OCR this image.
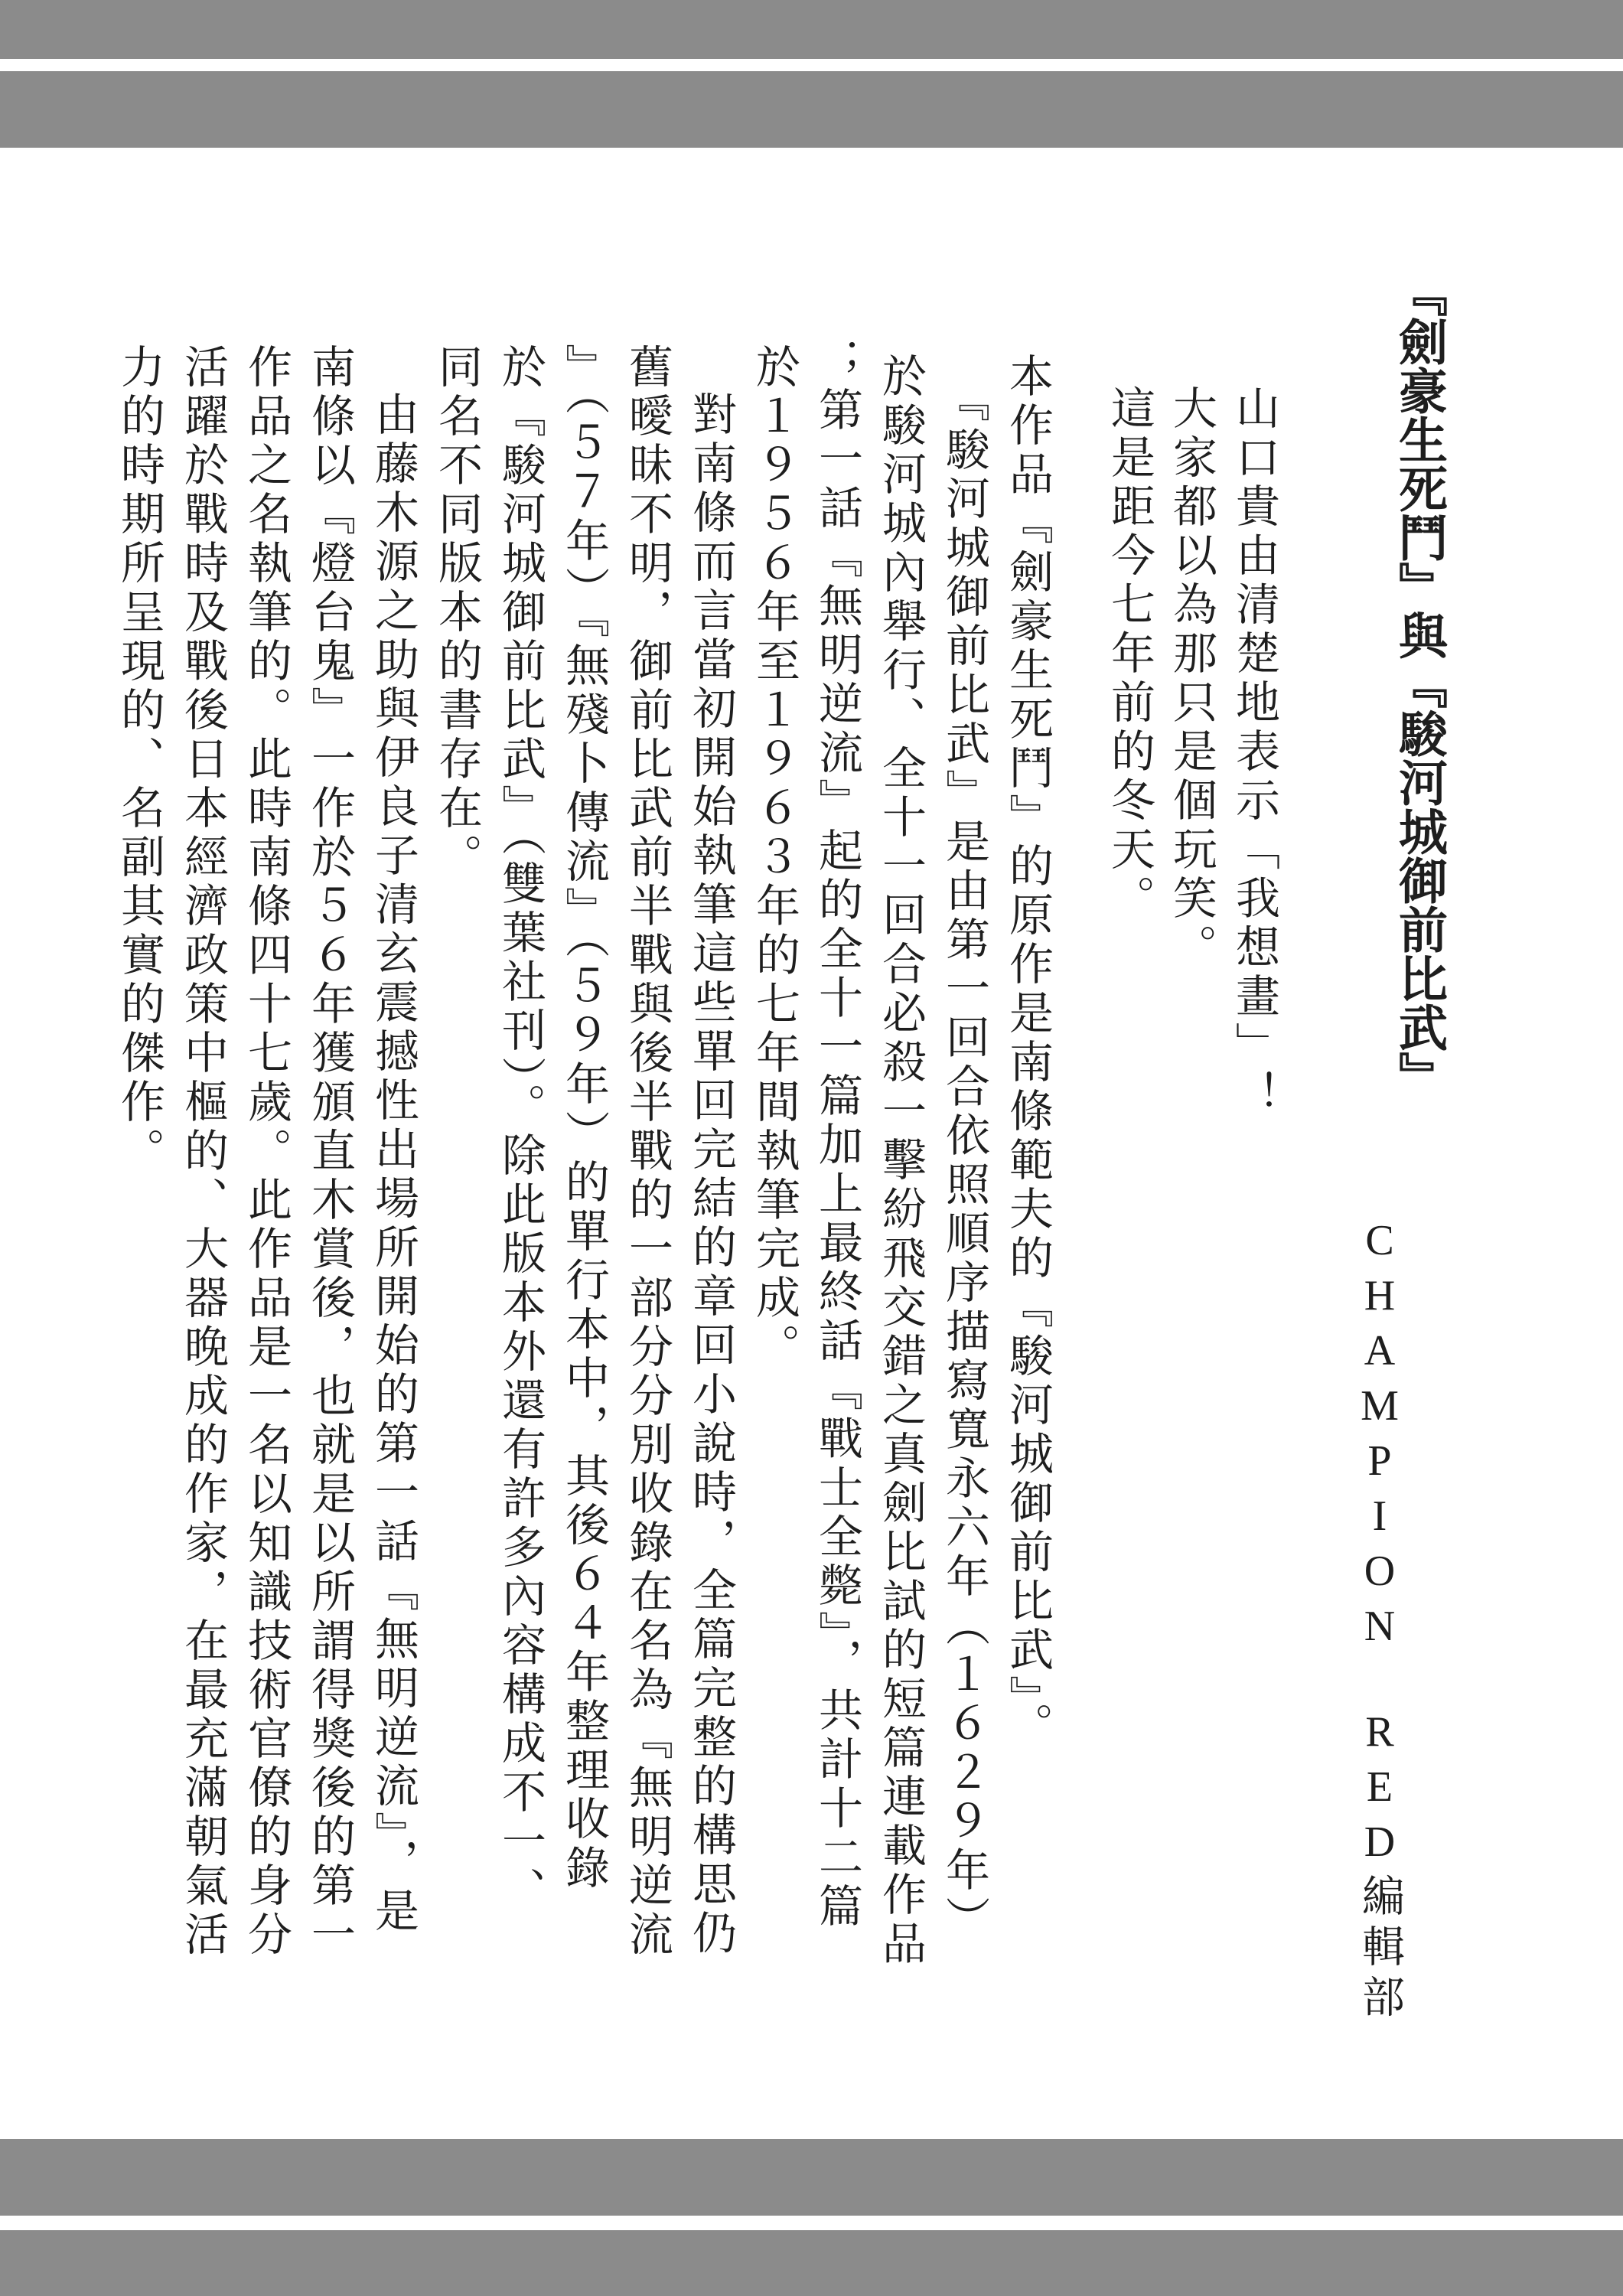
『劍豪生死鬥』與『駿河城御前比武』
CHAMPION　RED編輯部
山口貴由清楚地表示「我想畫」！
大家都以為那只是個玩笑。
這是距今七年前的冬天。
本作品『劍豪生死鬥』的原作是南條範夫的『駿河城御前比武』。
『駿河城御前比武』是由第一回合依照順序描寫寬永六年（１６２９年）
於駿河城內舉行、全十一回合必殺一擊紛飛交錯之真劍比試的短篇連載作品
；第一話『無明逆流』起的全十一篇加上最終話『戰士全斃』，共計十二篇
於１９５６年至１９６３年的七年間執筆完成。
對南條而言當初開始執筆這些單回完結的章回小說時，全篇完整的構思仍
舊曖昧不明，御前比武前半戰與後半戰的一部分分別收錄在名為『無明逆流
』（５７年）『無殘卜傳流』（５９年）的單行本中，其後６４年整理收錄
於『駿河城御前比武』（雙葉社刊）。除此版本外還有許多內容構成不一、
同名不同版本的書存在。
由藤木源之助與伊良子清玄震撼性出場所開始的第一話『無明逆流』，是
南條以『燈台鬼』一作於５６年獲頒直木賞後，也就是以所謂得獎後的第一
作品之名執筆的。此時南條四十七歲。此作品是一名以知識技術官僚的身分
活躍於戰時及戰後日本經濟政策中樞的、大器晚成的作家，在最充滿朝氣活
力的時期所呈現的、名副其實的傑作。
